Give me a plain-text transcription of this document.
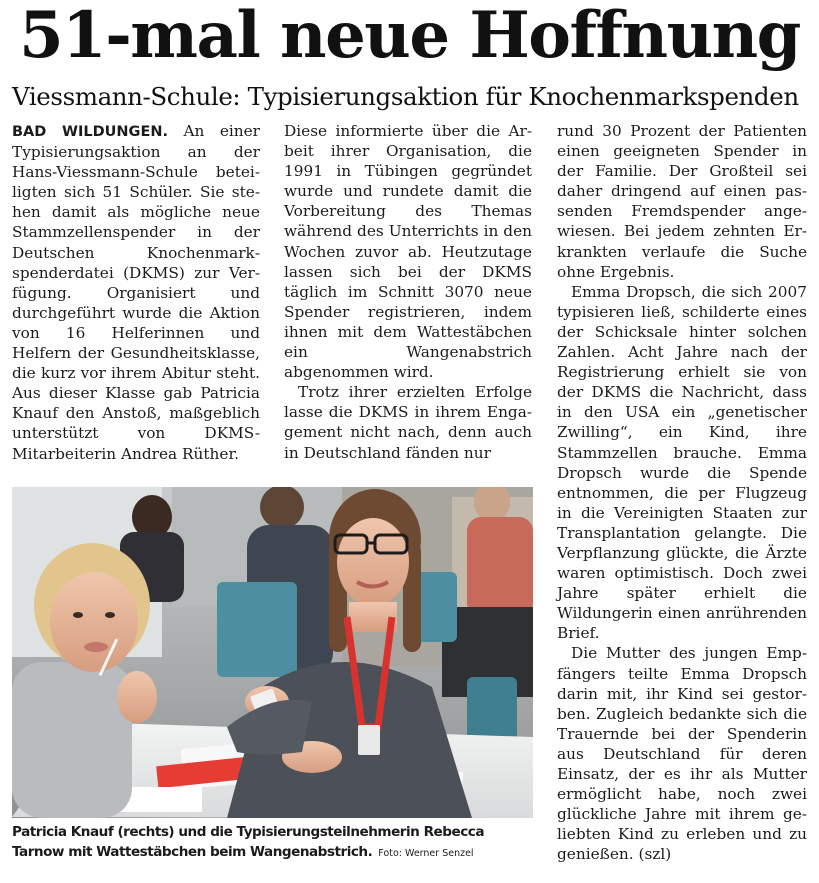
51-mal neue Hoffnung
Viessmann-Schule: Typisierungsaktion für Knochenmarkspenden

BAD WILDUNGEN. An einer Typisierungsaktion an der Hans-Viessmann-Schule beteiligten sich 51 Schüler. Sie stehen damit als mögliche neue Stammzellenspender in der Deutschen Knochenmarkspenderdatei (DKMS) zur Verfügung. Organisiert und durchgeführt wurde die Aktion von 16 Helferinnen und Helfern der Gesundheitsklasse, die kurz vor ihrem Abitur steht. Aus dieser Klasse gab Patricia Knauf den Anstoß, maßgeblich unterstützt von DKMS-Mitarbeiterin Andrea Rüther.

Diese informierte über die Arbeit ihrer Organisation, die 1991 in Tübingen gegründet wurde und rundete damit die Vorbereitung des Themas während des Unterrichts in den Wochen zuvor ab. Heutzutage lassen sich bei der DKMS täglich im Schnitt 3070 neue Spender registrieren, indem ihnen mit dem Wattestäbchen ein Wangenabstrich abgenommen wird.

Trotz ihrer erzielten Erfolge lasse die DKMS in ihrem Engagement nicht nach, denn auch in Deutschland fänden nur

rund 30 Prozent der Patienten einen geeigneten Spender in der Familie. Der Großteil sei daher dringend auf einen passenden Fremdspender angewiesen. Bei jedem zehnten Erkrankten verlaufe die Suche ohne Ergebnis.

Emma Dropsch, die sich 2007 typisieren ließ, schilderte eines der Schicksale hinter solchen Zahlen. Acht Jahre nach der Registrierung erhielt sie von der DKMS die Nachricht, dass in den USA ein „genetischer Zwilling“, ein Kind, ihre Stammzellen brauche. Emma Dropsch wurde die Spende entnommen, die per Flugzeug in die Vereinigten Staaten zur Transplantation gelangte. Die Verpflanzung glückte, die Ärzte waren optimistisch. Doch zwei Jahre später erhielt die Wildungerin einen anrührenden Brief.

Die Mutter des jungen Empfängers teilte Emma Dropsch darin mit, ihr Kind sei gestorben. Zugleich bedankte sich die Trauernde bei der Spenderin aus Deutschland für deren Einsatz, der es ihr als Mutter ermöglicht habe, noch zwei glückliche Jahre mit ihrem geliebten Kind zu erleben und zu genießen. (szl)

Patricia Knauf (rechts) und die Typisierungsteilnehmerin Rebecca
Tarnow mit Wattestäbchen beim Wangenabstrich. Foto: Werner Senzel
